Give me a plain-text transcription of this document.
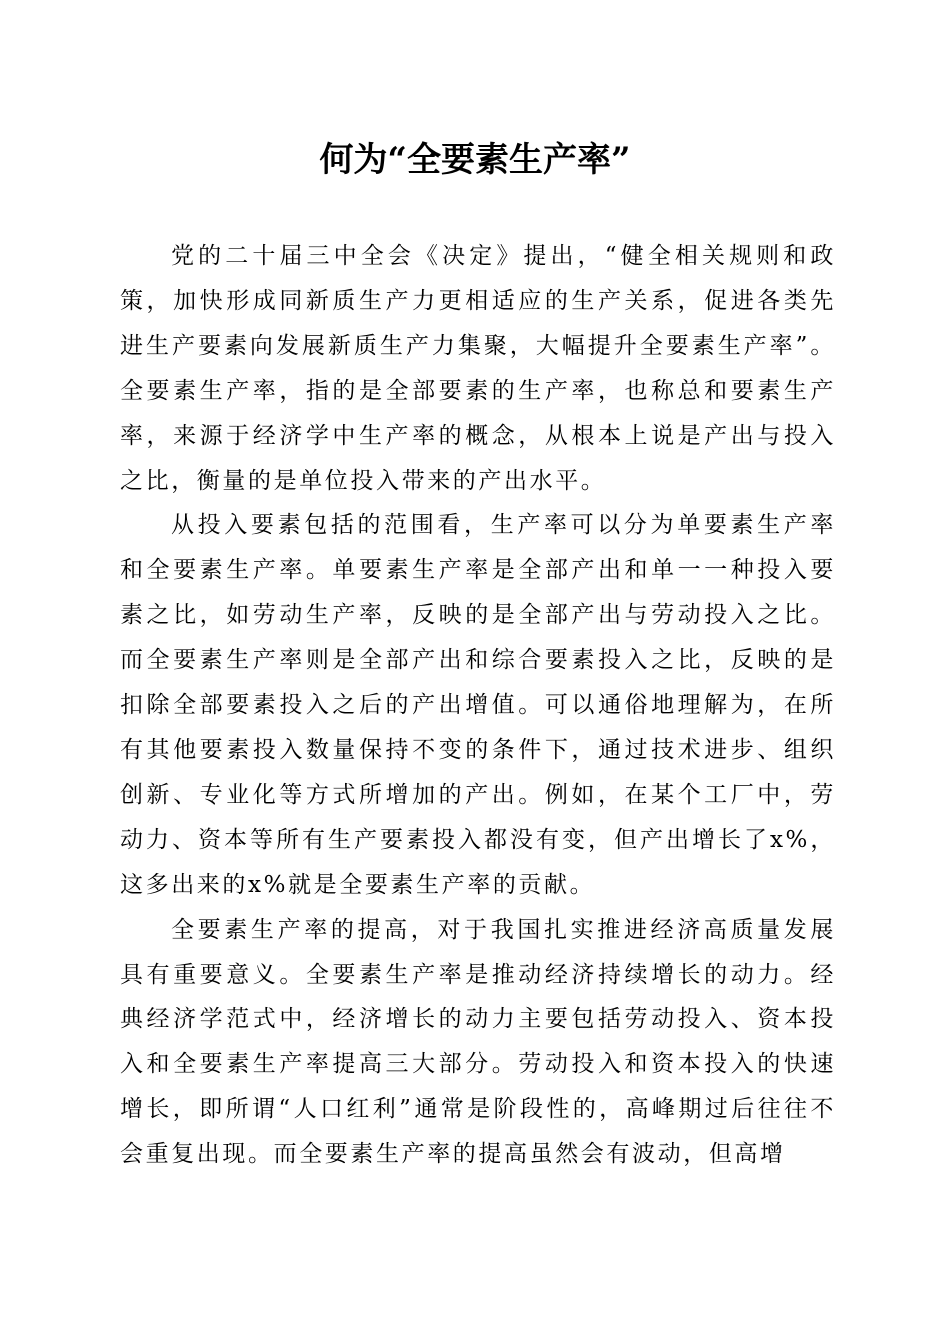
何为“全要素生产率”

党的二十届三中全会《决定》提出，“健全相关规则和政策，加快形成同新质生产力更相适应的生产关系，促进各类先进生产要素向发展新质生产力集聚，大幅提升全要素生产率”。全要素生产率，指的是全部要素的生产率，也称总和要素生产率，来源于经济学中生产率的概念，从根本上说是产出与投入之比，衡量的是单位投入带来的产出水平。

从投入要素包括的范围看，生产率可以分为单要素生产率和全要素生产率。单要素生产率是全部产出和单一一种投入要素之比，如劳动生产率，反映的是全部产出与劳动投入之比。而全要素生产率则是全部产出和综合要素投入之比，反映的是扣除全部要素投入之后的产出增值。可以通俗地理解为，在所有其他要素投入数量保持不变的条件下，通过技术进步、组织创新、专业化等方式所增加的产出。例如，在某个工厂中，劳动力、资本等所有生产要素投入都没有变，但产出增长了x%，这多出来的x%就是全要素生产率的贡献。

全要素生产率的提高，对于我国扎实推进经济高质量发展具有重要意义。全要素生产率是推动经济持续增长的动力。经典经济学范式中，经济增长的动力主要包括劳动投入、资本投入和全要素生产率提高三大部分。劳动投入和资本投入的快速增长，即所谓“人口红利”通常是阶段性的，高峰期过后往往不会重复出现。而全要素生产率的提高虽然会有波动，但高增
